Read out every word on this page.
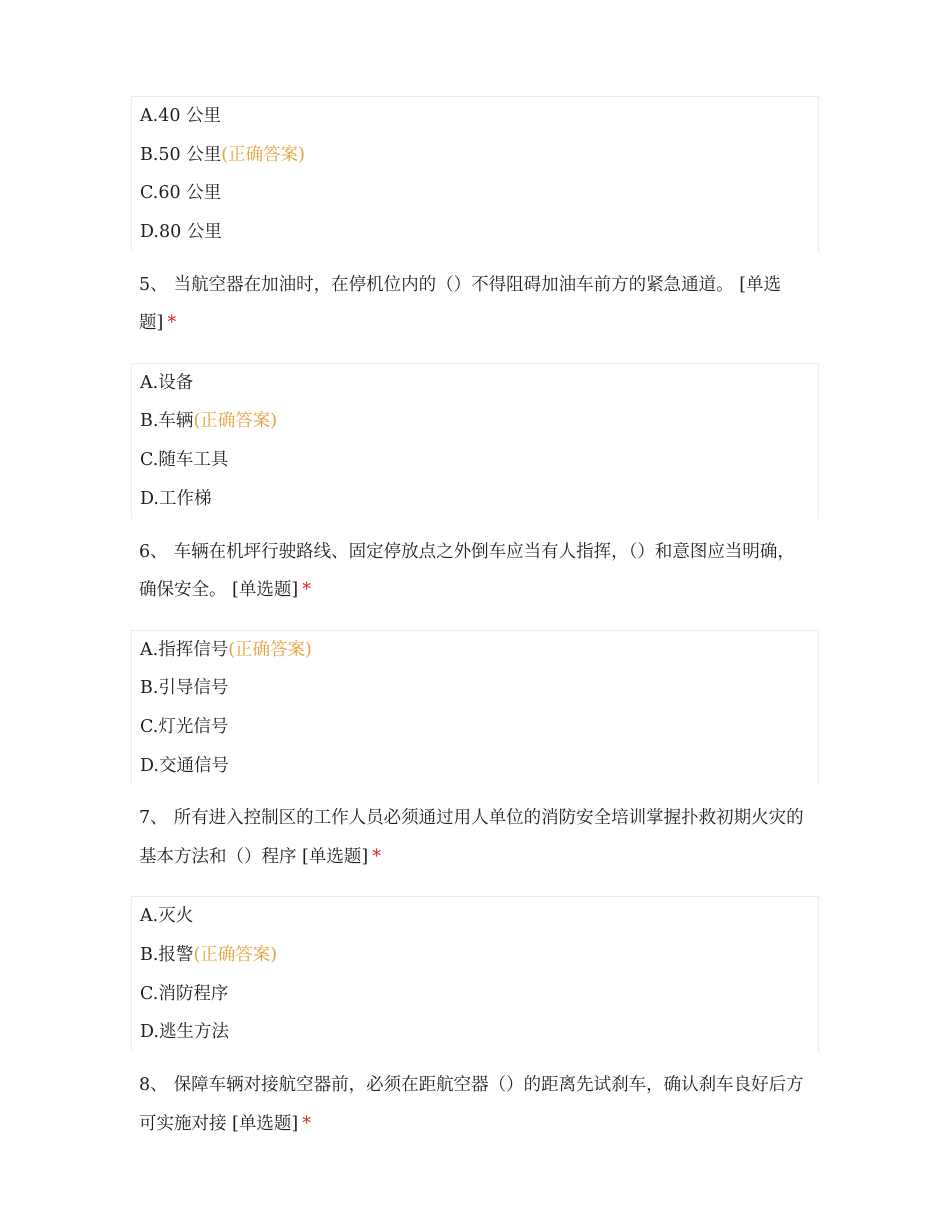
A.40 公里
B.50 公里(正确答案)
C.60 公里
D.80 公里
5、 当航空器在加油时，在停机位内的（）不得阻碍加油车前方的紧急通道。 [单选题] *
A.设备
B.车辆(正确答案)
C.随车工具
D.工作梯
6、 车辆在机坪行驶路线、固定停放点之外倒车应当有人指挥，（）和意图应当明确，确保安全。 [单选题] *
A.指挥信号(正确答案)
B.引导信号
C.灯光信号
D.交通信号
7、 所有进入控制区的工作人员必须通过用人单位的消防安全培训掌握扑救初期火灾的基本方法和（）程序 [单选题] *
A.灭火
B.报警(正确答案)
C.消防程序
D.逃生方法
8、 保障车辆对接航空器前，必须在距航空器（）的距离先试刹车，确认刹车良好后方可实施对接 [单选题] *
